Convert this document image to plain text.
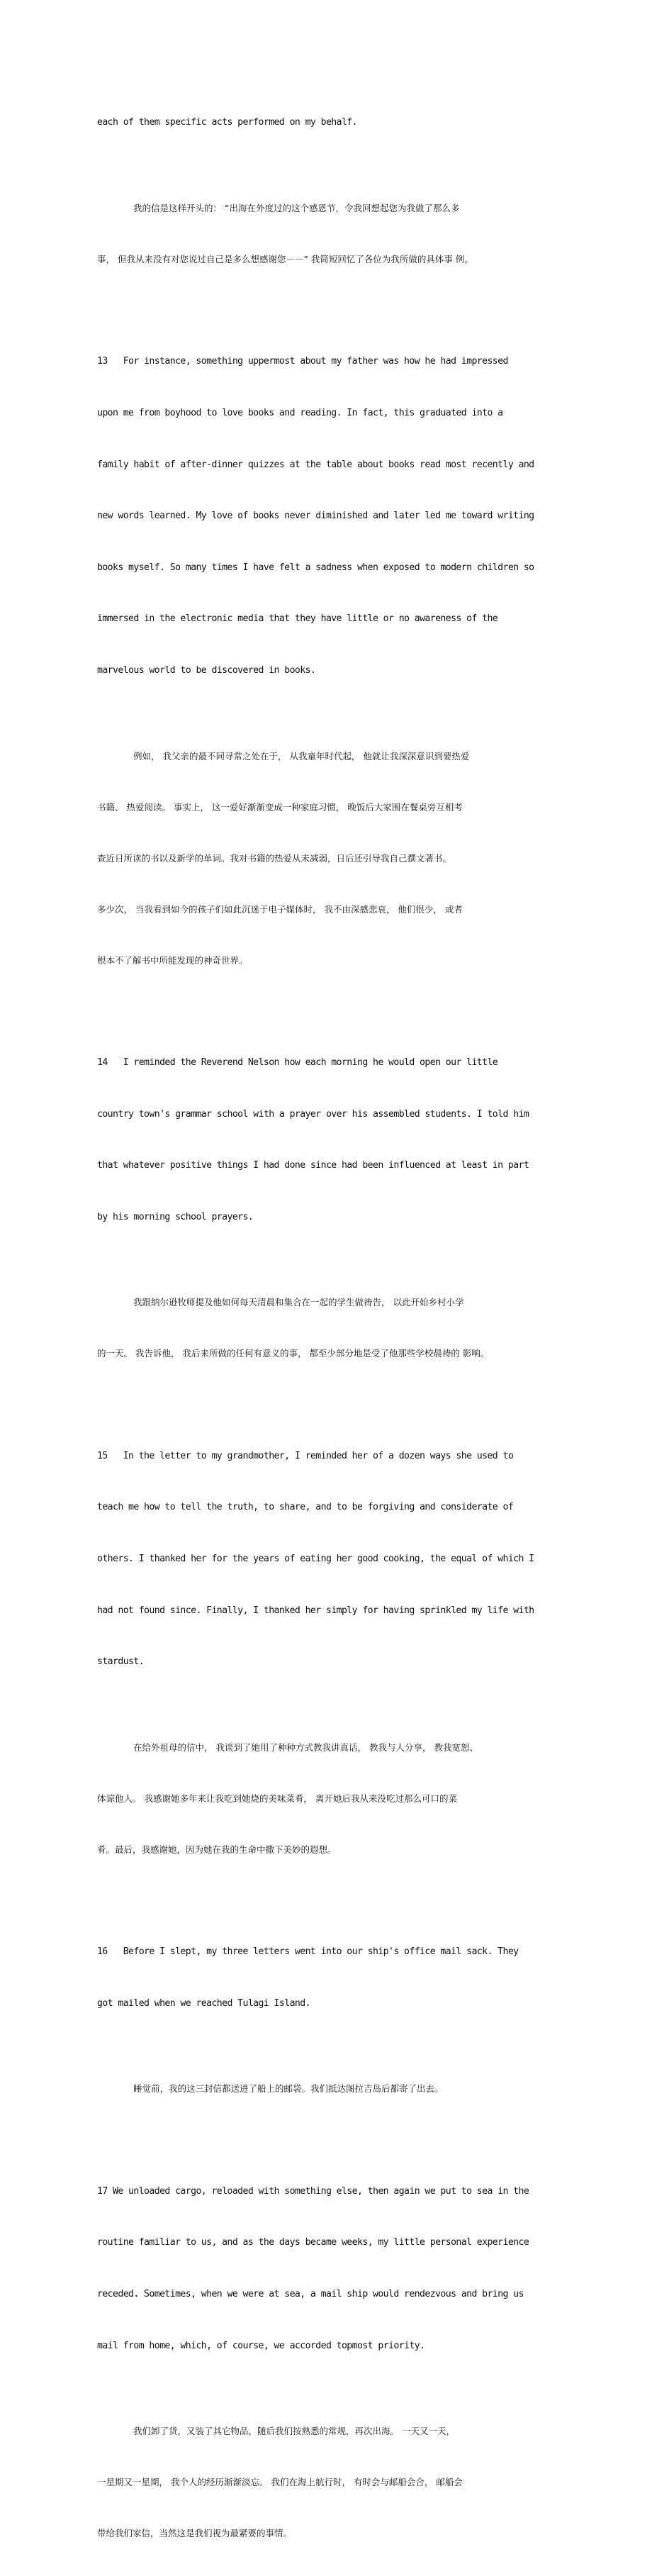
each of them specific acts performed on my behalf.

我的信是这样开头的： “出海在外度过的这个感恩节，令我回想起您为我做了那么多

事， 但我从来没有对您说过自己是多么想感谢您－－” 我简短回忆了各位为我所做的具体事 例。

13   For instance, something uppermost about my father was how he had impressed

upon me from boyhood to love books and reading. In fact, this graduated into a

family habit of after-dinner quizzes at the table about books read most recently and

new words learned. My love of books never diminished and later led me toward writing

books myself. So many times I have felt a sadness when exposed to modern children so

immersed in the electronic media that they have little or no awareness of the

marvelous world to be discovered in books.

例如， 我父亲的最不同寻常之处在于， 从我童年时代起， 他就让我深深意识到要热爱

书籍、 热爱阅读。 事实上， 这一爱好渐渐变成一种家庭习惯， 晚饭后大家围在餐桌旁互相考

查近日所读的书以及新学的单词。我对书籍的热爱从未减弱，日后还引导我自己撰文著书。

多少次， 当我看到如今的孩子们如此沉迷于电子媒体时， 我不由深感悲哀， 他们很少， 或者

根本不了解书中所能发现的神奇世界。

14   I reminded the Reverend Nelson how each morning he would open our little

country town's grammar school with a prayer over his assembled students. I told him

that whatever positive things I had done since had been influenced at least in part

by his morning school prayers.

我跟纳尔逊牧师提及他如何每天清晨和集合在一起的学生做祷告， 以此开始乡村小学

的一天。 我告诉他， 我后来所做的任何有意义的事， 都至少部分地是受了他那些学校晨祷的 影响。

15   In the letter to my grandmother, I reminded her of a dozen ways she used to

teach me how to tell the truth, to share, and to be forgiving and considerate of

others. I thanked her for the years of eating her good cooking, the equal of which I

had not found since. Finally, I thanked her simply for having sprinkled my life with

stardust.

在给外祖母的信中， 我谈到了她用了种种方式教我讲真话， 教我与人分享， 教我宽恕、

体谅他人。 我感谢她多年来让我吃到她烧的美味菜肴， 离开她后我从来没吃过那么可口的菜

肴。最后，我感谢她，因为她在我的生命中撒下美妙的遐想。

16   Before I slept, my three letters went into our ship's office mail sack. They

got mailed when we reached Tulagi Island.

睡觉前，我的这三封信都送进了船上的邮袋。我们抵达图拉吉岛后都寄了出去。

17 We unloaded cargo, reloaded with something else, then again we put to sea in the

routine familiar to us, and as the days became weeks, my little personal experience

receded. Sometimes, when we were at sea, a mail ship would rendezvous and bring us

mail from home, which, of course, we accorded topmost priority.

我们卸了货，又装了其它物品，随后我们按熟悉的常规，再次出海。 一天又一天，

一星期又一星期， 我个人的经历渐渐淡忘。 我们在海上航行时， 有时会与邮船会合， 邮船会

带给我们家信，当然这是我们视为最紧要的事情。
